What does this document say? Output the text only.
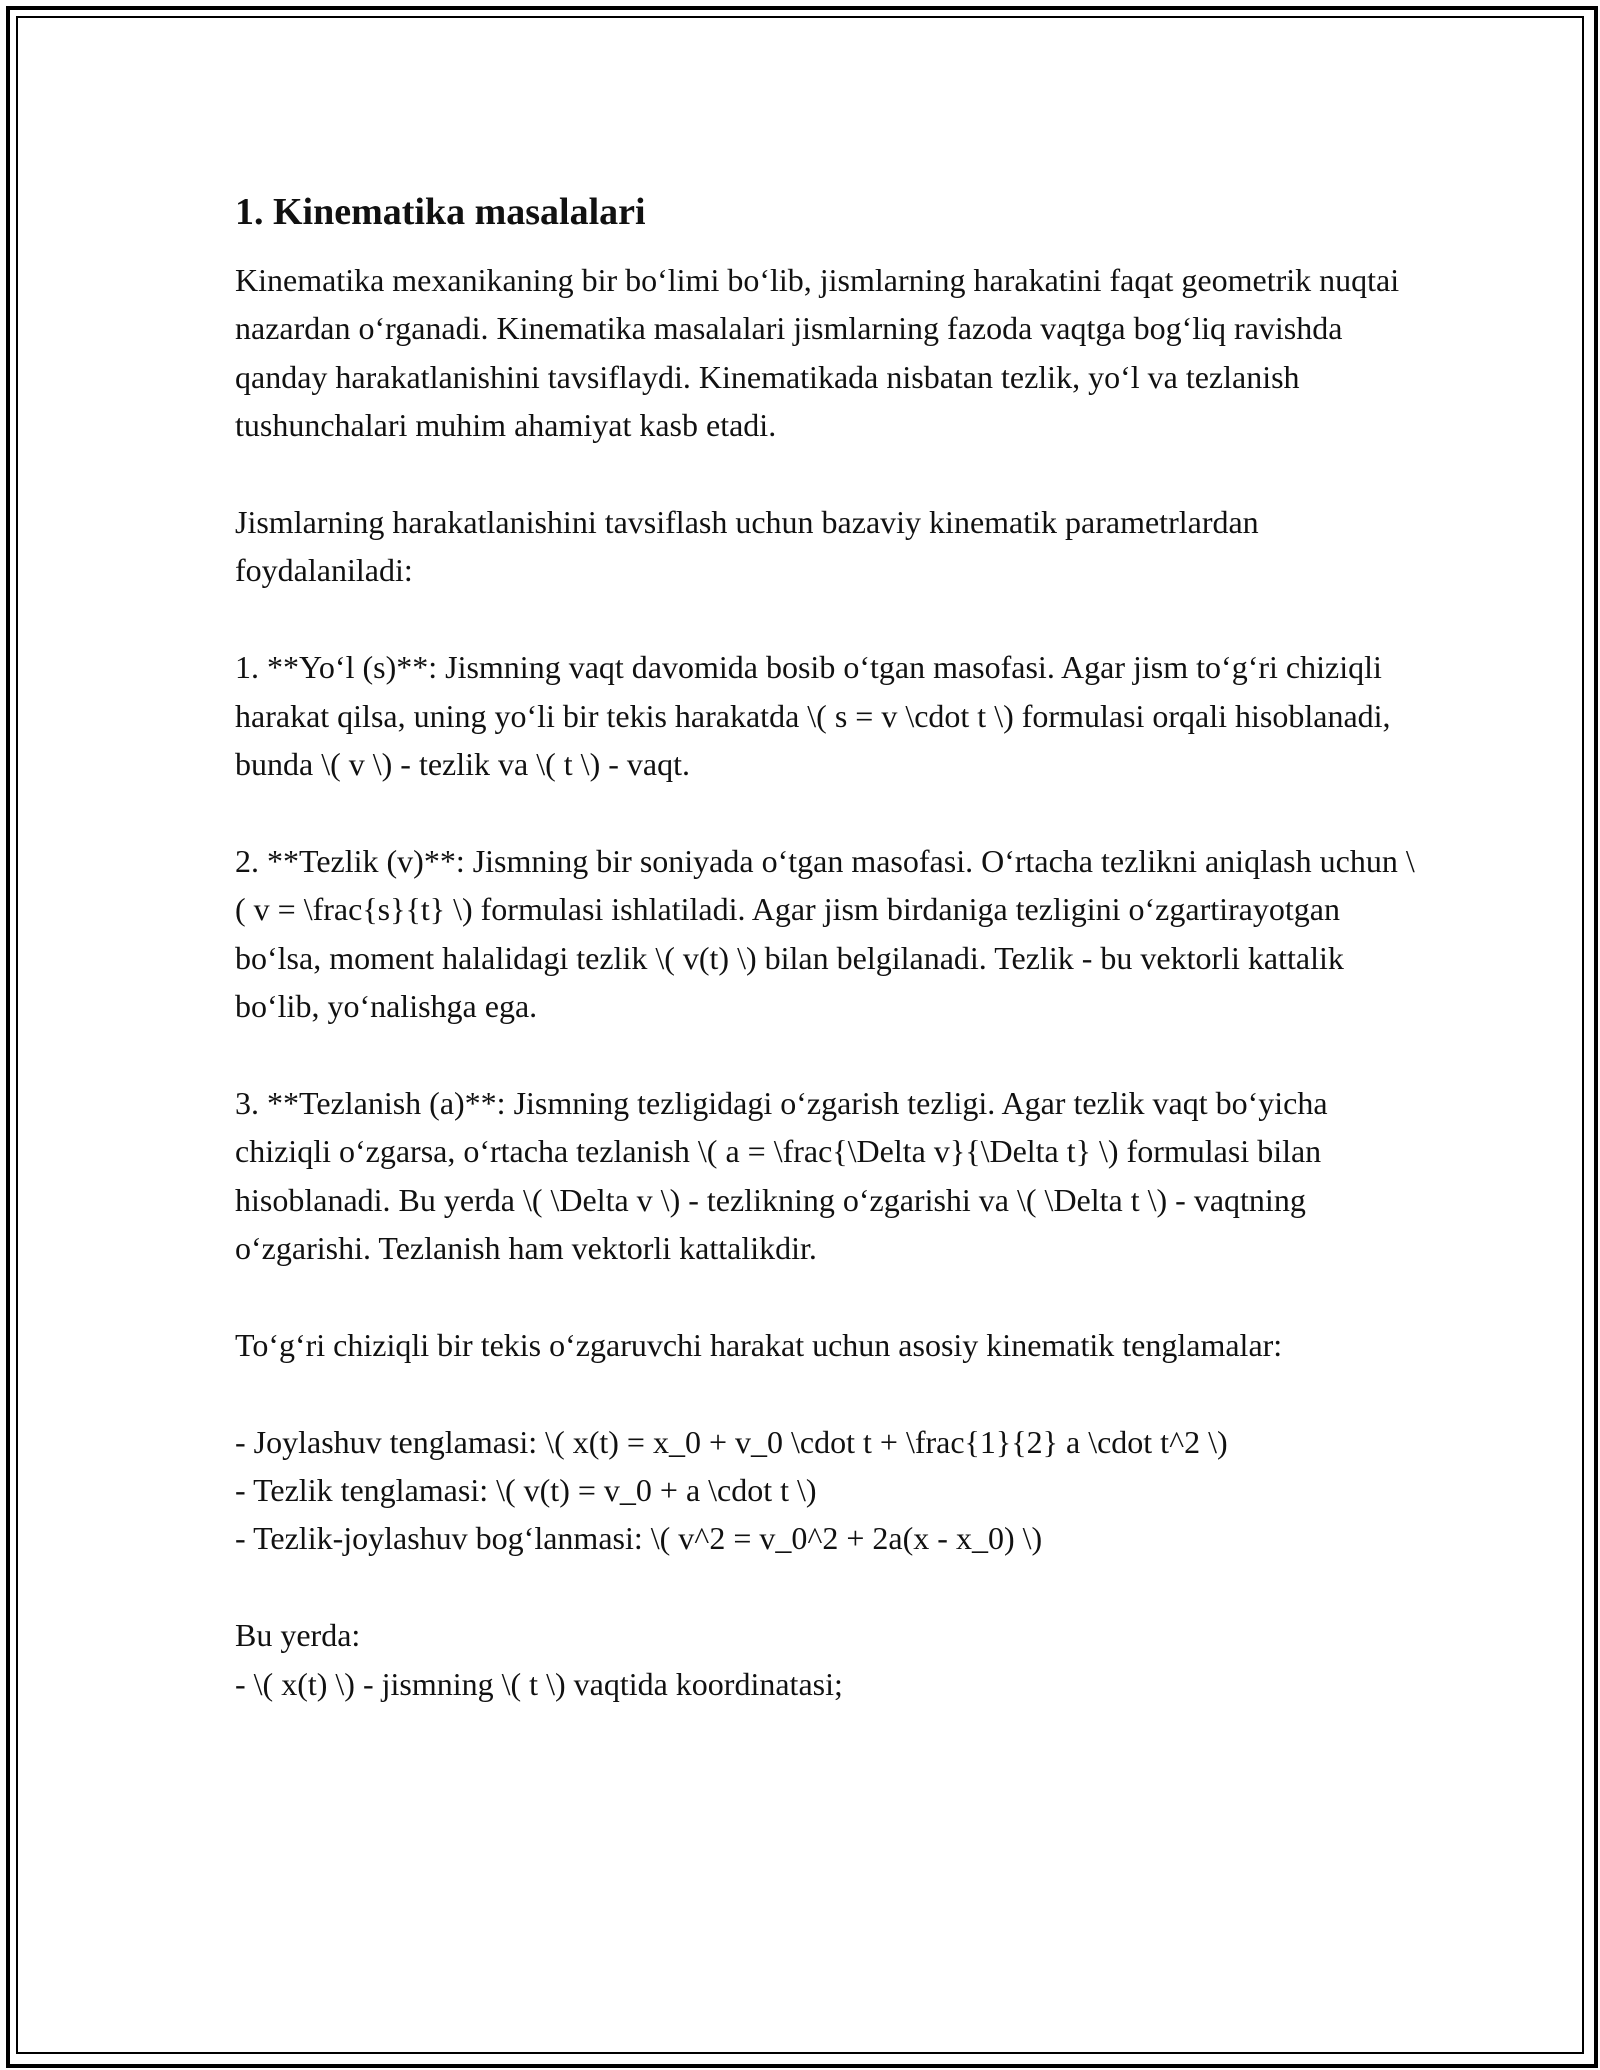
1. Kinematika masalalari

Kinematika mexanikaning bir bo‘limi bo‘lib, jismlarning harakatini faqat geometrik nuqtai nazardan o‘rganadi. Kinematika masalalari jismlarning fazoda vaqtga bog‘liq ravishda qanday harakatlanishini tavsiflaydi. Kinematikada nisbatan tezlik, yo‘l va tezlanish tushunchalari muhim ahamiyat kasb etadi.

Jismlarning harakatlanishini tavsiflash uchun bazaviy kinematik parametrlardan foydalaniladi:

1. **Yo‘l (s)**: Jismning vaqt davomida bosib o‘tgan masofasi. Agar jism to‘g‘ri chiziqli harakat qilsa, uning yo‘li bir tekis harakatda \( s = v \cdot t \) formulasi orqali hisoblanadi, bunda \( v \) - tezlik va \( t \) - vaqt.

2. **Tezlik (v)**: Jismning bir soniyada o‘tgan masofasi. O‘rtacha tezlikni aniqlash uchun \( v = \frac{s}{t} \) formulasi ishlatiladi. Agar jism birdaniga tezligini o‘zgartirayotgan bo‘lsa, moment halalidagi tezlik \( v(t) \) bilan belgilanadi. Tezlik - bu vektorli kattalik bo‘lib, yo‘nalishga ega.

3. **Tezlanish (a)**: Jismning tezligidagi o‘zgarish tezligi. Agar tezlik vaqt bo‘yicha chiziqli o‘zgarsa, o‘rtacha tezlanish \( a = \frac{\Delta v}{\Delta t} \) formulasi bilan hisoblanadi. Bu yerda \( \Delta v \) - tezlikning o‘zgarishi va \( \Delta t \) - vaqtning o‘zgarishi. Tezlanish ham vektorli kattalikdir.

To‘g‘ri chiziqli bir tekis o‘zgaruvchi harakat uchun asosiy kinematik tenglamalar:

- Joylashuv tenglamasi: \( x(t) = x_0 + v_0 \cdot t + \frac{1}{2} a \cdot t^2 \)

- Tezlik tenglamasi: \( v(t) = v_0 + a \cdot t \)

- Tezlik-joylashuv bog‘lanmasi: \( v^2 = v_0^2 + 2a(x - x_0) \)

Bu yerda:

- \( x(t) \) - jismning \( t \) vaqtida koordinatasi;
